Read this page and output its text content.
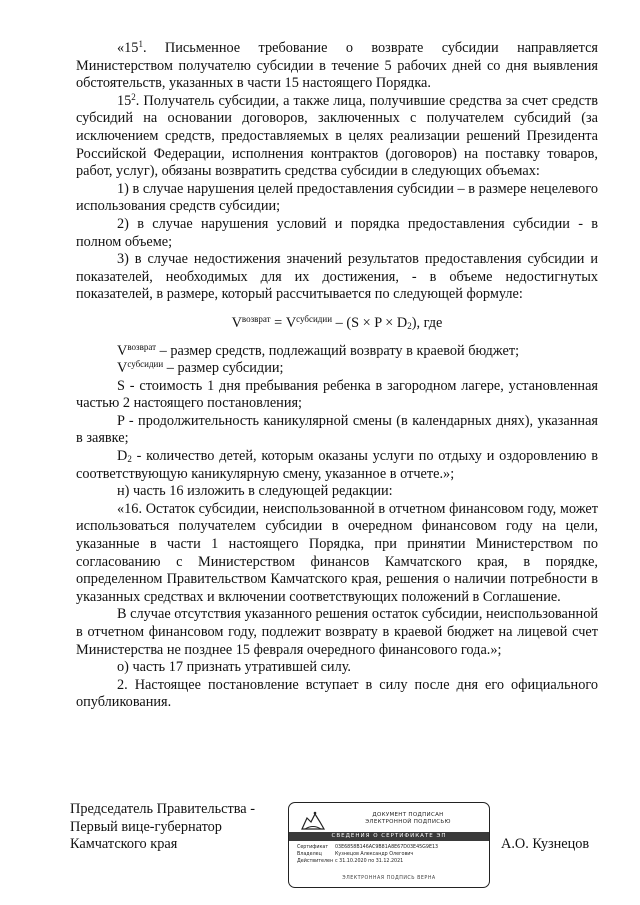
«$15^1$. Письменное требование о возврате субсидии направляется Министерством получателю субсидии в течение 5 рабочих дней со дня выявления обстоятельств, указанных в части 15 настоящего Порядка.

$15^2$. Получатель субсидии, а также лица, получившие средства за счет средств субсидий на основании договоров, заключенных с получателем субсидий (за исключением средств, предоставляемых в целях реализации решений Президента Российской Федерации, исполнения контрактов (договоров) на поставку товаров, работ, услуг), обязаны возвратить средства субсидии в следующих объемах:

1) в случае нарушения целей предоставления субсидии – в размере нецелевого использования средств субсидии;

2) в случае нарушения условий и порядка предоставления субсидии - в полном объеме;

3) в случае недостижения значений результатов предоставления субсидии и показателей, необходимых для их достижения, - в объеме недостигнутых показателей, в размере, который рассчитывается по следующей формуле:

$V^{возврат} = V^{субсидии} - (S \times P \times D_2)$, где

$V^{возврат}$ – размер средств, подлежащий возврату в краевой бюджет;

$V^{субсидии}$ – размер субсидии;

S - стоимость 1 дня пребывания ребенка в загородном лагере, установленная частью 2 настоящего постановления;

P - продолжительность каникулярной смены (в календарных днях), указанная в заявке;

$D_2$ - количество детей, которым оказаны услуги по отдыху и оздоровлению в соответствующую каникулярную смену, указанное в отчете.»;

н) часть 16 изложить в следующей редакции:

«16. Остаток субсидии, неиспользованной в отчетном финансовом году, может использоваться получателем субсидии в очередном финансовом году на цели, указанные в части 1 настоящего Порядка, при принятии Министерством по согласованию с Министерством финансов Камчатского края, в порядке, определенном Правительством Камчатского края, решения о наличии потребности в указанных средствах и включении соответствующих положений в Соглашение.

В случае отсутствия указанного решения остаток субсидии, неиспользованной в отчетном финансовом году, подлежит возврату в краевой бюджет на лицевой счет Министерства не позднее 15 февраля очередного финансового года.»;

о) часть 17 признать утратившей силу.

2. Настоящее постановление вступает в силу после дня его официального опубликования.

Председатель Правительства -
Первый вице-губернатор
Камчатского края
ДОКУМЕНТ ПОДПИСАН
ЭЛЕКТРОННОЙ ПОДПИСЬЮ
СВЕДЕНИЯ О СЕРТИФИКАТЕ ЭП
Сертификат	03E6858B146AC9B81A8E67D03E45G9E13
Владелец	Кузнецов Александр Олегович
Действителен с 31.10.2020 по 31.12.2021
ЭЛЕКТРОННАЯ ПОДПИСЬ ВЕРНА
А.О. Кузнецов
